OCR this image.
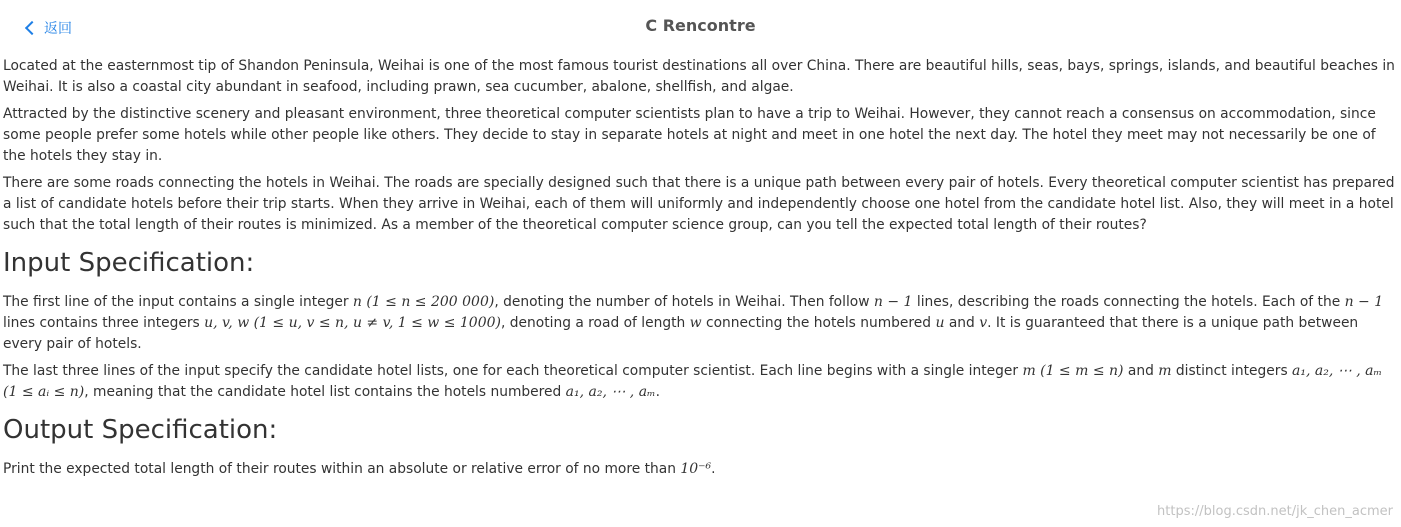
返回	C Rencontre

Located at the easternmost tip of Shandon Peninsula, Weihai is one of the most famous tourist destinations all over China. There are beautiful hills, seas, bays, springs, islands, and beautiful beaches in Weihai. It is also a coastal city abundant in seafood, including prawn, sea cucumber, abalone, shellfish, and algae.

Attracted by the distinctive scenery and pleasant environment, three theoretical computer scientists plan to have a trip to Weihai. However, they cannot reach a consensus on accommodation, since some people prefer some hotels while other people like others. They decide to stay in separate hotels at night and meet in one hotel the next day. The hotel they meet may not necessarily be one of the hotels they stay in.

There are some roads connecting the hotels in Weihai. The roads are specially designed such that there is a unique path between every pair of hotels. Every theoretical computer scientist has prepared a list of candidate hotels before their trip starts. When they arrive in Weihai, each of them will uniformly and independently choose one hotel from the candidate hotel list. Also, they will meet in a hotel such that the total length of their routes is minimized. As a member of the theoretical computer science group, can you tell the expected total length of their routes?

Input Specification:

The first line of the input contains a single integer n (1 ≤ n ≤ 200 000), denoting the number of hotels in Weihai. Then follow n − 1 lines, describing the roads connecting the hotels. Each of the n − 1 lines contains three integers u, v, w (1 ≤ u, v ≤ n, u ≠ v, 1 ≤ w ≤ 1000), denoting a road of length w connecting the hotels numbered u and v. It is guaranteed that there is a unique path between every pair of hotels.

The last three lines of the input specify the candidate hotel lists, one for each theoretical computer scientist. Each line begins with a single integer m (1 ≤ m ≤ n) and m distinct integers a₁, a₂, ⋯ , aₘ (1 ≤ aᵢ ≤ n), meaning that the candidate hotel list contains the hotels numbered a₁, a₂, ⋯ , aₘ.

Output Specification:

Print the expected total length of their routes within an absolute or relative error of no more than 10⁻⁶.

https://blog.csdn.net/jk_chen_acmer
